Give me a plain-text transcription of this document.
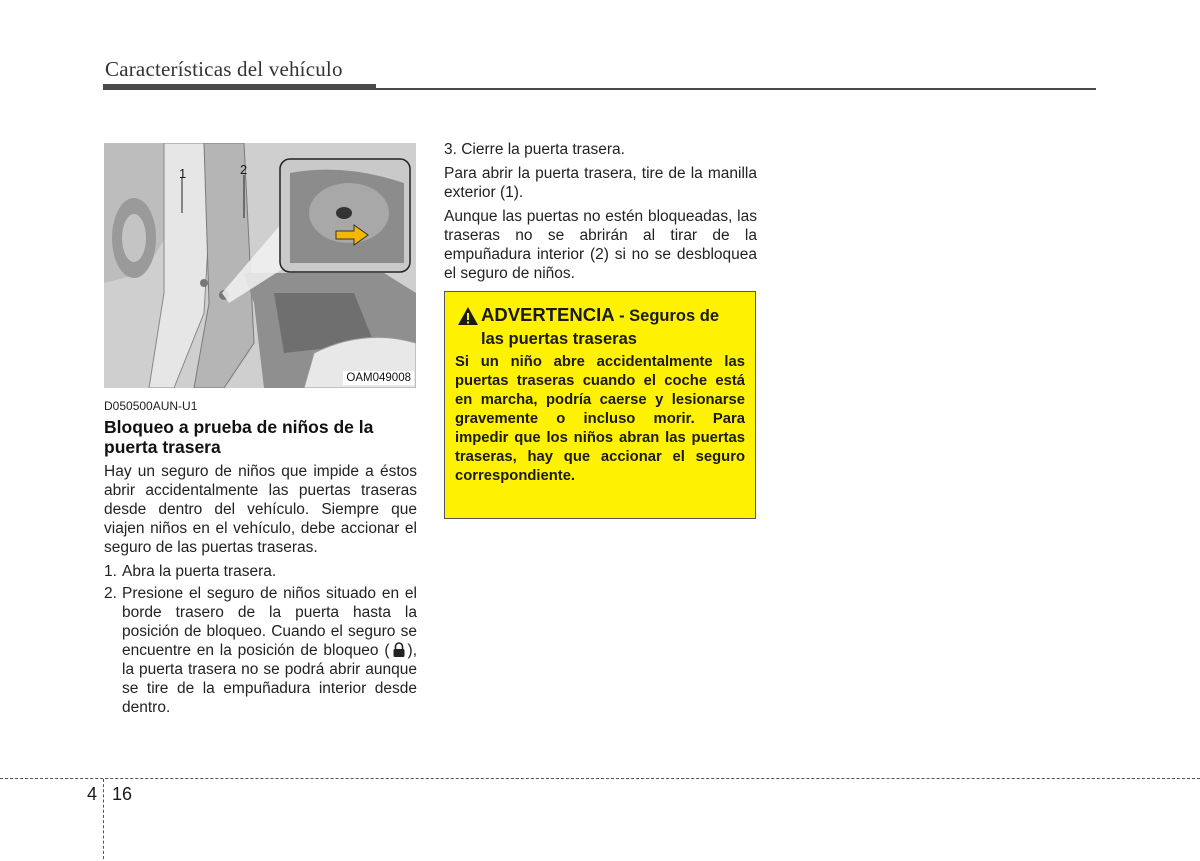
Características del vehículo
1	2
OAM049008
D050500AUN-U1
Bloqueo a prueba de niños de la puerta trasera

Hay un seguro de niños que impide a éstos abrir accidentalmente las puertas traseras desde dentro del vehículo. Siempre que viajen niños en el vehículo, debe accionar el seguro de las puertas traseras.

1. Abra la puerta trasera.
2. Presione el seguro de niños situado en el borde trasero de la puerta hasta la posición de bloqueo. Cuando el seguro se encuentre en la posición de bloqueo ( ), la puerta trasera no se podrá abrir aunque se tire de la empuñadura interior desde dentro.

3. Cierre la puerta trasera.

Para abrir la puerta trasera, tire de la manilla exterior (1).

Aunque las puertas no estén bloqueadas, las traseras no se abrirán al tirar de la empuñadura interior (2) si no se desbloquea el seguro de niños.

ADVERTENCIA - Seguros de las puertas traseras
Si un niño abre accidentalmente las puertas traseras cuando el coche está en marcha, podría caerse y lesionarse gravemente o incluso morir. Para impedir que los niños abran las puertas traseras, hay que accionar el seguro correspondiente.
4 16
